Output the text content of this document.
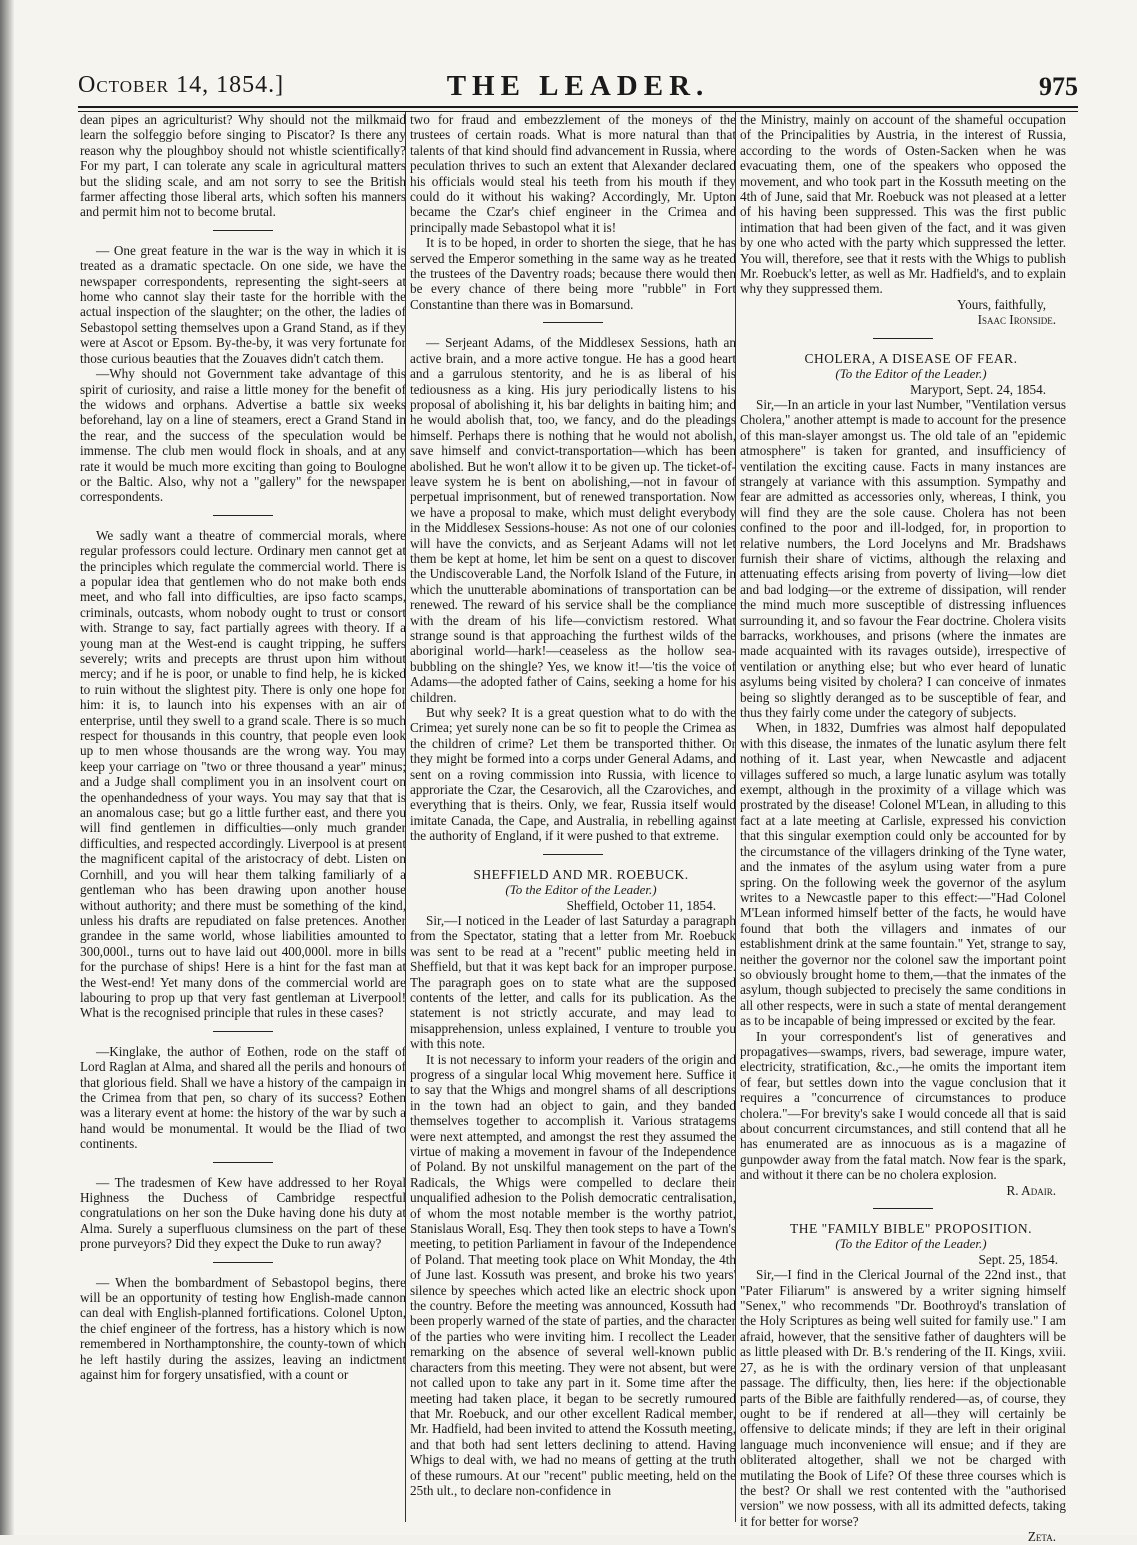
October 14, 1854.]	THE LEADER.	975

dean pipes an agriculturist? Why should not the milkmaid learn the solfeggio before singing to Piscator? Is there any reason why the ploughboy should not whistle scientifically? For my part, I can tolerate any scale in agricultural matters but the sliding scale, and am not sorry to see the British farmer affecting those liberal arts, which soften his manners and permit him not to become brutal.

— One great feature in the war is the way in which it is treated as a dramatic spectacle. On one side, we have the newspaper correspondents, representing the sight-seers at home who cannot slay their taste for the horrible with the actual inspection of the slaughter; on the other, the ladies of Sebastopol setting themselves upon a Grand Stand, as if they were at Ascot or Epsom. By-the-by, it was very fortunate for those curious beauties that the Zouaves didn't catch them.

—Why should not Government take advantage of this spirit of curiosity, and raise a little money for the benefit of the widows and orphans. Advertise a battle six weeks beforehand, lay on a line of steamers, erect a Grand Stand in the rear, and the success of the speculation would be immense. The club men would flock in shoals, and at any rate it would be much more exciting than going to Boulogne or the Baltic. Also, why not a "gallery" for the newspaper correspondents.

We sadly want a theatre of commercial morals, where regular professors could lecture. Ordinary men cannot get at the principles which regulate the commercial world. There is a popular idea that gentlemen who do not make both ends meet, and who fall into difficulties, are ipso facto scamps, criminals, outcasts, whom nobody ought to trust or consort with. Strange to say, fact partially agrees with theory. If a young man at the West-end is caught tripping, he suffers severely; writs and precepts are thrust upon him without mercy; and if he is poor, or unable to find help, he is kicked to ruin without the slightest pity. There is only one hope for him: it is, to launch into his expenses with an air of enterprise, until they swell to a grand scale. There is so much respect for thousands in this country, that people even look up to men whose thousands are the wrong way. You may keep your carriage on "two or three thousand a year" minus; and a Judge shall compliment you in an insolvent court on the openhandedness of your ways. You may say that that is an anomalous case; but go a little further east, and there you will find gentlemen in difficulties—only much grander difficulties, and respected accordingly. Liverpool is at present the magnificent capital of the aristocracy of debt. Listen on Cornhill, and you will hear them talking familiarly of a gentleman who has been drawing upon another house without authority; and there must be something of the kind, unless his drafts are repudiated on false pretences. Another grandee in the same world, whose liabilities amounted to 300,000l., turns out to have laid out 400,000l. more in bills for the purchase of ships! Here is a hint for the fast man at the West-end! Yet many dons of the commercial world are labouring to prop up that very fast gentleman at Liverpool! What is the recognised principle that rules in these cases?

—Kinglake, the author of Eothen, rode on the staff of Lord Raglan at Alma, and shared all the perils and honours of that glorious field. Shall we have a history of the campaign in the Crimea from that pen, so chary of its success? Eothen was a literary event at home: the history of the war by such a hand would be monumental. It would be the Iliad of two continents.

— The tradesmen of Kew have addressed to her Royal Highness the Duchess of Cambridge respectful congratulations on her son the Duke having done his duty at Alma. Surely a superfluous clumsiness on the part of these prone purveyors? Did they expect the Duke to run away?

— When the bombardment of Sebastopol begins, there will be an opportunity of testing how English-made cannon can deal with English-planned fortifications. Colonel Upton, the chief engineer of the fortress, has a history which is now remembered in Northamptonshire, the county-town of which he left hastily during the assizes, leaving an indictment against him for forgery unsatisfied, with a count or

two for fraud and embezzlement of the moneys of the trustees of certain roads. What is more natural than that talents of that kind should find advancement in Russia, where peculation thrives to such an extent that Alexander declared his officials would steal his teeth from his mouth if they could do it without his waking? Accordingly, Mr. Upton became the Czar's chief engineer in the Crimea and principally made Sebastopol what it is!

It is to be hoped, in order to shorten the siege, that he has served the Emperor something in the same way as he treated the trustees of the Daventry roads; because there would then be every chance of there being more "rubble" in Fort Constantine than there was in Bomarsund.

— Serjeant Adams, of the Middlesex Sessions, hath an active brain, and a more active tongue. He has a good heart and a garrulous stentority, and he is as liberal of his tediousness as a king. His jury periodically listens to his proposal of abolishing it, his bar delights in baiting him; and he would abolish that, too, we fancy, and do the pleadings himself. Perhaps there is nothing that he would not abolish, save himself and convict-transportation—which has been abolished. But he won't allow it to be given up. The ticket-of-leave system he is bent on abolishing,—not in favour of perpetual imprisonment, but of renewed transportation. Now we have a proposal to make, which must delight everybody in the Middlesex Sessions-house: As not one of our colonies will have the convicts, and as Serjeant Adams will not let them be kept at home, let him be sent on a quest to discover the Undiscoverable Land, the Norfolk Island of the Future, in which the unutterable abominations of transportation can be renewed. The reward of his service shall be the compliance with the dream of his life—convictism restored. What strange sound is that approaching the furthest wilds of the aboriginal world—hark!—ceaseless as the hollow sea-bubbling on the shingle? Yes, we know it!—'tis the voice of Adams—the adopted father of Cains, seeking a home for his children.

But why seek? It is a great question what to do with the Crimea; yet surely none can be so fit to people the Crimea as the children of crime? Let them be transported thither. Or they might be formed into a corps under General Adams, and sent on a roving commission into Russia, with licence to approriate the Czar, the Cesarovich, all the Czaroviches, and everything that is theirs. Only, we fear, Russia itself would imitate Canada, the Cape, and Australia, in rebelling against the authority of England, if it were pushed to that extreme.

SHEFFIELD AND MR. ROEBUCK.

(To the Editor of the Leader.)

Sheffield, October 11, 1854.

Sir,—I noticed in the Leader of last Saturday a paragraph from the Spectator, stating that a letter from Mr. Roebuck was sent to be read at a "recent" public meeting held in Sheffield, but that it was kept back for an improper purpose. The paragraph goes on to state what are the supposed contents of the letter, and calls for its publication. As the statement is not strictly accurate, and may lead to misapprehension, unless explained, I venture to trouble you with this note.

It is not necessary to inform your readers of the origin and progress of a singular local Whig movement here. Suffice it to say that the Whigs and mongrel shams of all descriptions in the town had an object to gain, and they banded themselves together to accomplish it. Various stratagems were next attempted, and amongst the rest they assumed the virtue of making a movement in favour of the Independence of Poland. By not unskilful management on the part of the Radicals, the Whigs were compelled to declare their unqualified adhesion to the Polish democratic centralisation, of whom the most notable member is the worthy patriot, Stanislaus Worall, Esq. They then took steps to have a Town's meeting, to petition Parliament in favour of the Independence of Poland. That meeting took place on Whit Monday, the 4th of June last. Kossuth was present, and broke his two years' silence by speeches which acted like an electric shock upon the country. Before the meeting was announced, Kossuth had been properly warned of the state of parties, and the character of the parties who were inviting him. I recollect the Leader remarking on the absence of several well-known public characters from this meeting. They were not absent, but were not called upon to take any part in it. Some time after the meeting had taken place, it began to be secretly rumoured that Mr. Roebuck, and our other excellent Radical member, Mr. Hadfield, had been invited to attend the Kossuth meeting, and that both had sent letters declining to attend. Having Whigs to deal with, we had no means of getting at the truth of these rumours. At our "recent" public meeting, held on the 25th ult., to declare non-confidence in

the Ministry, mainly on account of the shameful occupation of the Principalities by Austria, in the interest of Russia, according to the words of Osten-Sacken when he was evacuating them, one of the speakers who opposed the movement, and who took part in the Kossuth meeting on the 4th of June, said that Mr. Roebuck was not pleased at a letter of his having been suppressed. This was the first public intimation that had been given of the fact, and it was given by one who acted with the party which suppressed the letter. You will, therefore, see that it rests with the Whigs to publish Mr. Roebuck's letter, as well as Mr. Hadfield's, and to explain why they suppressed them.

Yours, faithfully,

Isaac Ironside.

CHOLERA, A DISEASE OF FEAR.

(To the Editor of the Leader.)

Maryport, Sept. 24, 1854.

Sir,—In an article in your last Number, "Ventilation versus Cholera," another attempt is made to account for the presence of this man-slayer amongst us. The old tale of an "epidemic atmosphere" is taken for granted, and insufficiency of ventilation the exciting cause. Facts in many instances are strangely at variance with this assumption. Sympathy and fear are admitted as accessories only, whereas, I think, you will find they are the sole cause. Cholera has not been confined to the poor and ill-lodged, for, in proportion to relative numbers, the Lord Jocelyns and Mr. Bradshaws furnish their share of victims, although the relaxing and attenuating effects arising from poverty of living—low diet and bad lodging—or the extreme of dissipation, will render the mind much more susceptible of distressing influences surrounding it, and so favour the Fear doctrine. Cholera visits barracks, workhouses, and prisons (where the inmates are made acquainted with its ravages outside), irrespective of ventilation or anything else; but who ever heard of lunatic asylums being visited by cholera? I can conceive of inmates being so slightly deranged as to be susceptible of fear, and thus they fairly come under the category of subjects.

When, in 1832, Dumfries was almost half depopulated with this disease, the inmates of the lunatic asylum there felt nothing of it. Last year, when Newcastle and adjacent villages suffered so much, a large lunatic asylum was totally exempt, although in the proximity of a village which was prostrated by the disease! Colonel M'Lean, in alluding to this fact at a late meeting at Carlisle, expressed his conviction that this singular exemption could only be accounted for by the circumstance of the villagers drinking of the Tyne water, and the inmates of the asylum using water from a pure spring. On the following week the governor of the asylum writes to a Newcastle paper to this effect:—"Had Colonel M'Lean informed himself better of the facts, he would have found that both the villagers and inmates of our establishment drink at the same fountain." Yet, strange to say, neither the governor nor the colonel saw the important point so obviously brought home to them,—that the inmates of the asylum, though subjected to precisely the same conditions in all other respects, were in such a state of mental derangement as to be incapable of being impressed or excited by the fear.

In your correspondent's list of generatives and propagatives—swamps, rivers, bad sewerage, impure water, electricity, stratification, &c.,—he omits the important item of fear, but settles down into the vague conclusion that it requires a "concurrence of circumstances to produce cholera."—For brevity's sake I would concede all that is said about concurrent circumstances, and still contend that all he has enumerated are as innocuous as is a magazine of gunpowder away from the fatal match. Now fear is the spark, and without it there can be no cholera explosion.

R. Adair.

THE "FAMILY BIBLE" PROPOSITION.

(To the Editor of the Leader.)

Sept. 25, 1854.

Sir,—I find in the Clerical Journal of the 22nd inst., that "Pater Filiarum" is answered by a writer signing himself "Senex," who recommends "Dr. Boothroyd's translation of the Holy Scriptures as being well suited for family use." I am afraid, however, that the sensitive father of daughters will be as little pleased with Dr. B.'s rendering of the II. Kings, xviii. 27, as he is with the ordinary version of that unpleasant passage. The difficulty, then, lies here: if the objectionable parts of the Bible are faithfully rendered—as, of course, they ought to be if rendered at all—they will certainly be offensive to delicate minds; if they are left in their original language much inconvenience will ensue; and if they are obliterated altogether, shall we not be charged with mutilating the Book of Life? Of these three courses which is the best? Or shall we rest contented with the "authorised version" we now possess, with all its admitted defects, taking it for better for worse?

Zeta.
